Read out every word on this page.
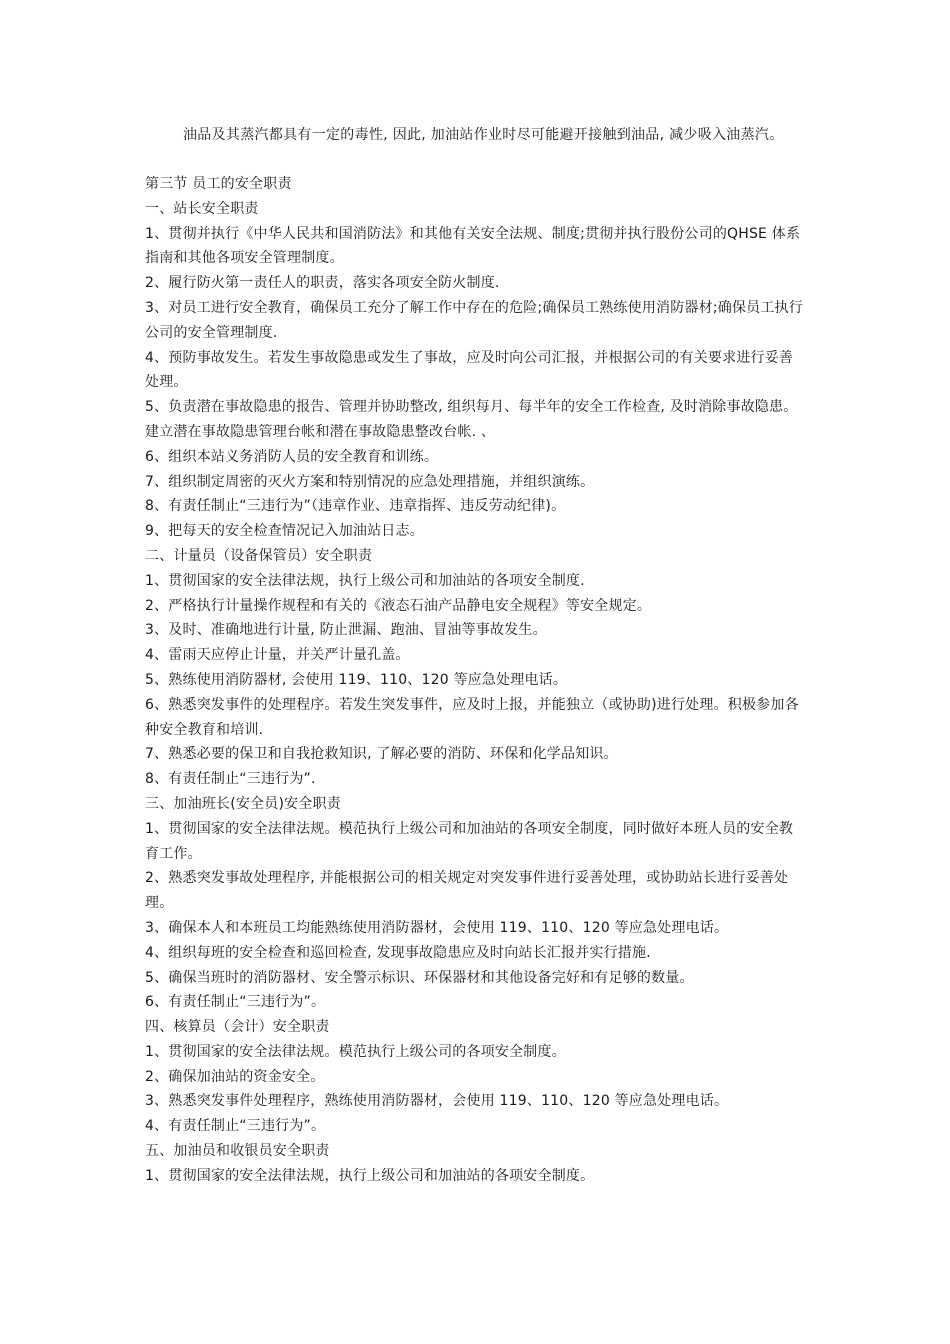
油品及其蒸汽都具有一定的毒性, 因此, 加油站作业时尽可能避开接触到油品, 减少吸入油蒸汽。

第三节 员工的安全职责

一、站长安全职责

1、贯彻并执行《中华人民共和国消防法》和其他有关安全法规、制度;贯彻并执行股份公司的QHSE 体系指南和其他各项安全管理制度。

2、履行防火第一责任人的职责，落实各项安全防火制度.

3、对员工进行安全教育，确保员工充分了解工作中存在的危险;确保员工熟练使用消防器材;确保员工执行公司的安全管理制度.

4、预防事故发生。若发生事故隐患或发生了事故，应及时向公司汇报，并根据公司的有关要求进行妥善处理。

5、负责潜在事故隐患的报告、管理并协助整改, 组织每月、每半年的安全工作检查, 及时消除事故隐患。建立潜在事故隐患管理台帐和潜在事故隐患整改台帐. 、

6、组织本站义务消防人员的安全教育和训练。

7、组织制定周密的灭火方案和特别情况的应急处理措施，并组织演练。

8、有责任制止“三违行为”（违章作业、违章指挥、违反劳动纪律)。

9、把每天的安全检查情况记入加油站日志。

二、计量员（设备保管员）安全职责

1、贯彻国家的安全法律法规，执行上级公司和加油站的各项安全制度.

2、严格执行计量操作规程和有关的《液态石油产品静电安全规程》等安全规定。

3、及时、准确地进行计量, 防止泄漏、跑油、冒油等事故发生。

4、雷雨天应停止计量，并关严计量孔盖。

5、熟练使用消防器材, 会使用 119、110、120 等应急处理电话。

6、熟悉突发事件的处理程序。若发生突发事件，应及时上报，并能独立（或协助)进行处理。积极参加各种安全教育和培训.

7、熟悉必要的保卫和自我抢救知识, 了解必要的消防、环保和化学品知识。

8、有责任制止“三违行为”.

三、加油班长(安全员)安全职责

1、贯彻国家的安全法律法规。模范执行上级公司和加油站的各项安全制度，同时做好本班人员的安全教育工作。

2、熟悉突发事故处理程序, 并能根据公司的相关规定对突发事件进行妥善处理，或协助站长进行妥善处理。

3、确保本人和本班员工均能熟练使用消防器材，会使用 119、110、120 等应急处理电话。

4、组织每班的安全检查和巡回检查, 发现事故隐患应及时向站长汇报并实行措施.

5、确保当班时的消防器材、安全警示标识、环保器材和其他设备完好和有足够的数量。

6、有责任制止“三违行为”。

四、核算员（会计）安全职责

1、贯彻国家的安全法律法规。模范执行上级公司的各项安全制度。

2、确保加油站的资金安全。

3、熟悉突发事件处理程序，熟练使用消防器材，会使用 119、110、120 等应急处理电话。

4、有责任制止“三违行为”。

五、加油员和收银员安全职责

1、贯彻国家的安全法律法规，执行上级公司和加油站的各项安全制度。
